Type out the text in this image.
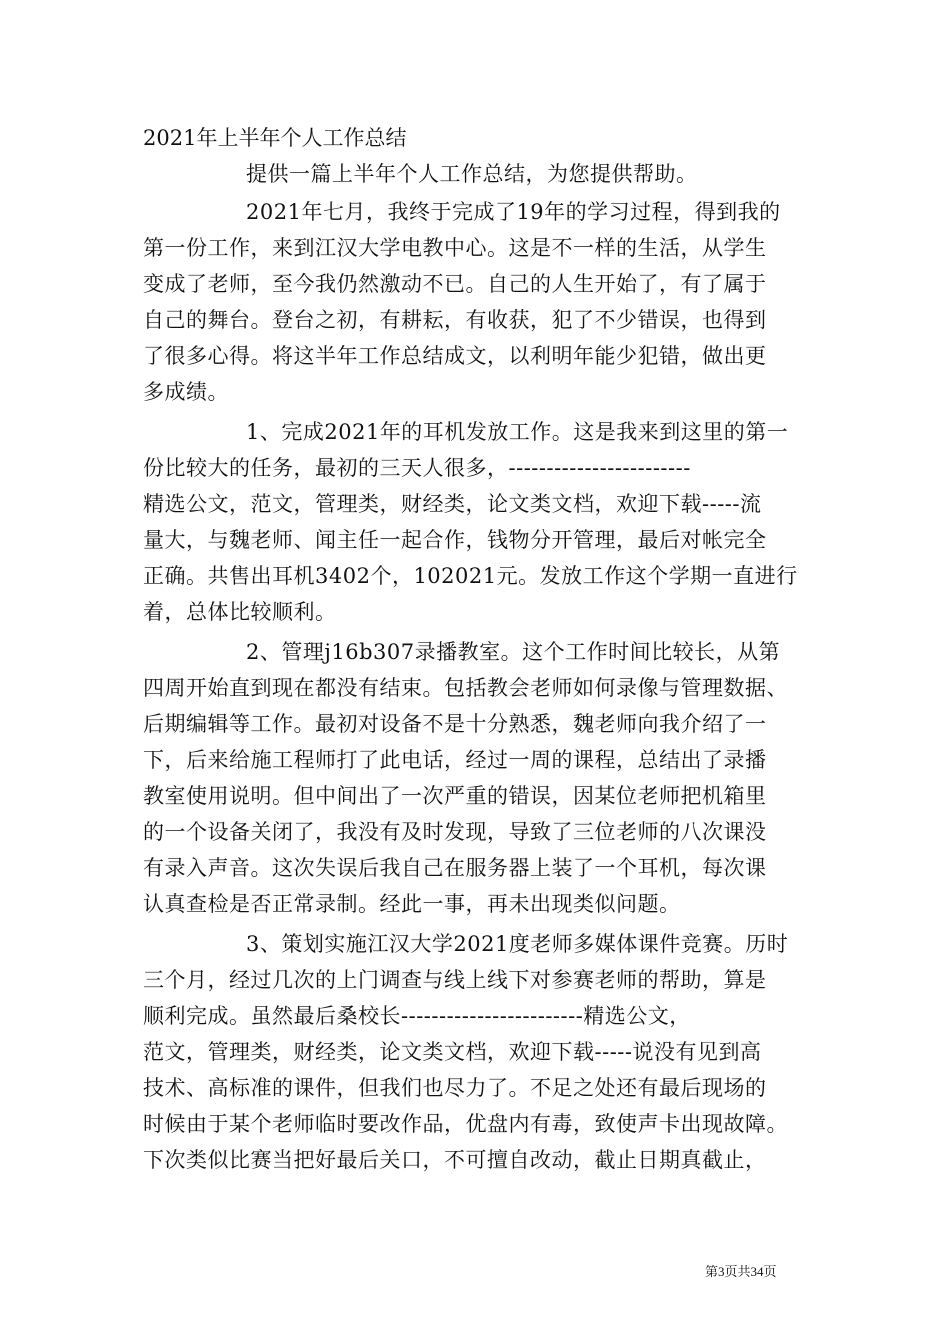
2021年上半年个人工作总结
提供一篇上半年个人工作总结，为您提供帮助。
2021年七月，我终于完成了19年的学习过程，得到我的
第一份工作，来到江汉大学电教中心。这是不一样的生活，从学生
变成了老师，至今我仍然激动不已。自己的人生开始了，有了属于
自己的舞台。登台之初，有耕耘，有收获，犯了不少错误，也得到
了很多心得。将这半年工作总结成文，以利明年能少犯错，做出更
多成绩。
1、完成2021年的耳机发放工作。这是我来到这里的第一
份比较大的任务，最初的三天人很多，------------------------
精选公文，范文，管理类，财经类，论文类文档，欢迎下载-----流
量大，与魏老师、闻主任一起合作，钱物分开管理，最后对帐完全
正确。共售出耳机3402个，102021元。发放工作这个学期一直进行
着，总体比较顺利。
2、管理j16b307录播教室。这个工作时间比较长，从第
四周开始直到现在都没有结束。包括教会老师如何录像与管理数据、
后期编辑等工作。最初对设备不是十分熟悉，魏老师向我介绍了一
下，后来给施工程师打了此电话，经过一周的课程，总结出了录播
教室使用说明。但中间出了一次严重的错误，因某位老师把机箱里
的一个设备关闭了，我没有及时发现，导致了三位老师的八次课没
有录入声音。这次失误后我自己在服务器上装了一个耳机，每次课
认真查检是否正常录制。经此一事，再未出现类似问题。
3、策划实施江汉大学2021度老师多媒体课件竞赛。历时
三个月，经过几次的上门调查与线上线下对参赛老师的帮助，算是
顺利完成。虽然最后桑校长------------------------精选公文，
范文，管理类，财经类，论文类文档，欢迎下载-----说没有见到高
技术、高标准的课件，但我们也尽力了。不足之处还有最后现场的
时候由于某个老师临时要改作品，优盘内有毒，致使声卡出现故障。
下次类似比赛当把好最后关口，不可擅自改动，截止日期真截止，
第3页共34页
